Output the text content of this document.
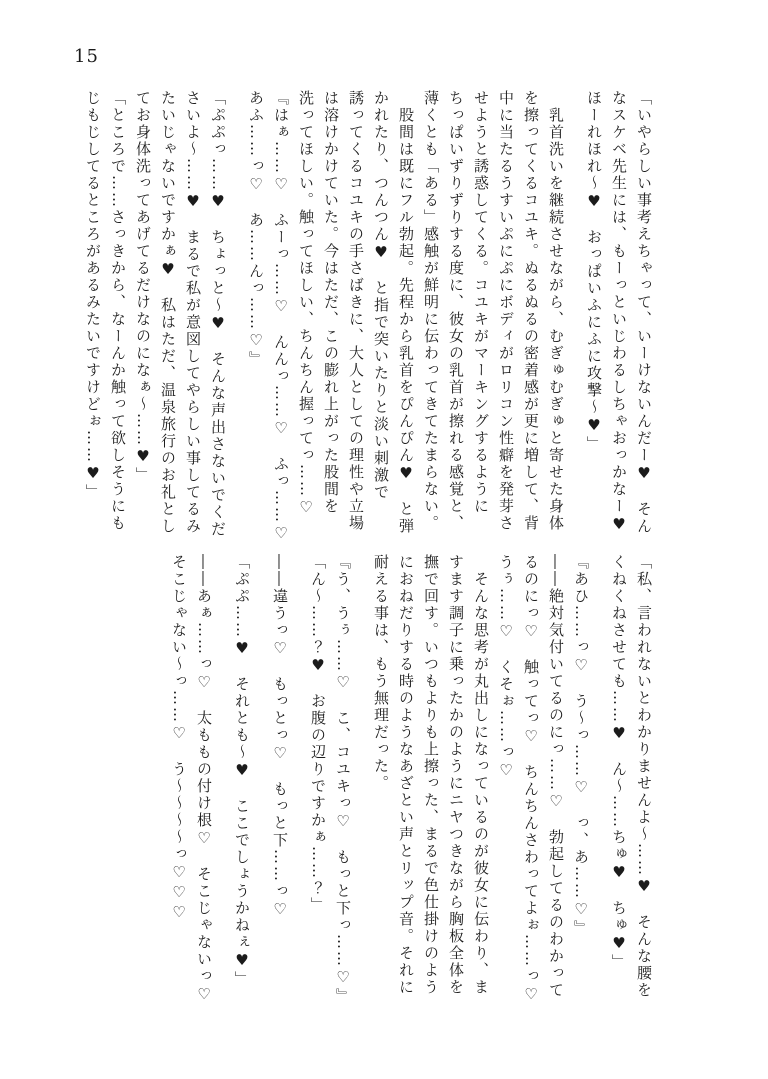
15
「いやらしい事考えちゃって、いーけないんだー♥　そん
なスケベ先生には、もーっといじわるしちゃおっかなー♥
ほーれほれ〜♥　おっぱいふにふに攻撃〜♥」
　乳首洗いを継続させながら、むぎゅむぎゅと寄せた身体
を擦ってくるコユキ。ぬるぬるの密着感が更に増して、背
中に当たるうすいぷにぷにボディがロリコン性癖を発芽さ
せようと誘惑してくる。コユキがマーキングするように
ちっぱいずりずりする度に、彼女の乳首が擦れる感覚と、
薄くとも「ある」感触が鮮明に伝わってきてたまらない。
　股間は既にフル勃起。先程から乳首をぴんぴん♥　と弾
かれたり、つんつん♥　と指で突いたりと淡い刺激で
誘ってくるコユキの手さばきに、大人としての理性や立場
は溶けかけていた。今はただ、この膨れ上がった股間を
洗ってほしい。触ってほしい、ちんちん握ってっ……♡
『はぁ……♡　ふーっ……♡　んんっ……♡　ふっ……♡
あふ……っ♡　あ……んっ……♡』
「ぷぷっ……♥　ちょっと〜♥　そんな声出さないでくだ
さいよ〜……♥　まるで私が意図してやらしい事してるみ
たいじゃないですかぁ♥　私はただ、温泉旅行のお礼とし
てお身体洗ってあげてるだけなのになぁ〜……♥」
「ところで……さっきから、なーんか触って欲しそうにも
じもじしてるところがあるみたいですけどぉ……♥」
「私、言われないとわかりませんよ〜……♥　そんな腰を
くねくねさせても……♥　ん〜……ちゅ♥　ちゅ♥」
『あひ……っ♡　う〜っ……♡　っ、あ……♡』
――絶対気付いてるのにっ……♡　勃起してるのわかって
るのにっ♡　触ってっ♡　ちんちんさわってよぉ……っ♡
うぅ……♡　くそぉ……っ♡
　そんな思考が丸出しになっているのが彼女に伝わり、ま
すます調子に乗ったかのようにニヤつきながら胸板全体を
撫で回す。いつもよりも上擦った、まるで色仕掛けのよう
におねだりする時のようなあざとい声とリップ音。それに
耐える事は、もう無理だった。
『う、うぅ……♡　こ、コユキっ♡　もっと下っ……♡』
「ん〜……？♥　お腹の辺りですかぁ……？」
――違うっ♡　もっとっ♡　もっと下……っ♡
「ぷぷ……♥　それとも〜♥　ここでしょうかねぇ♥」
――あぁ……っ♡　太ももの付け根♡　そこじゃないっ♡
そこじゃない〜っ……♡　う〜〜〜〜っ♡♡♡
